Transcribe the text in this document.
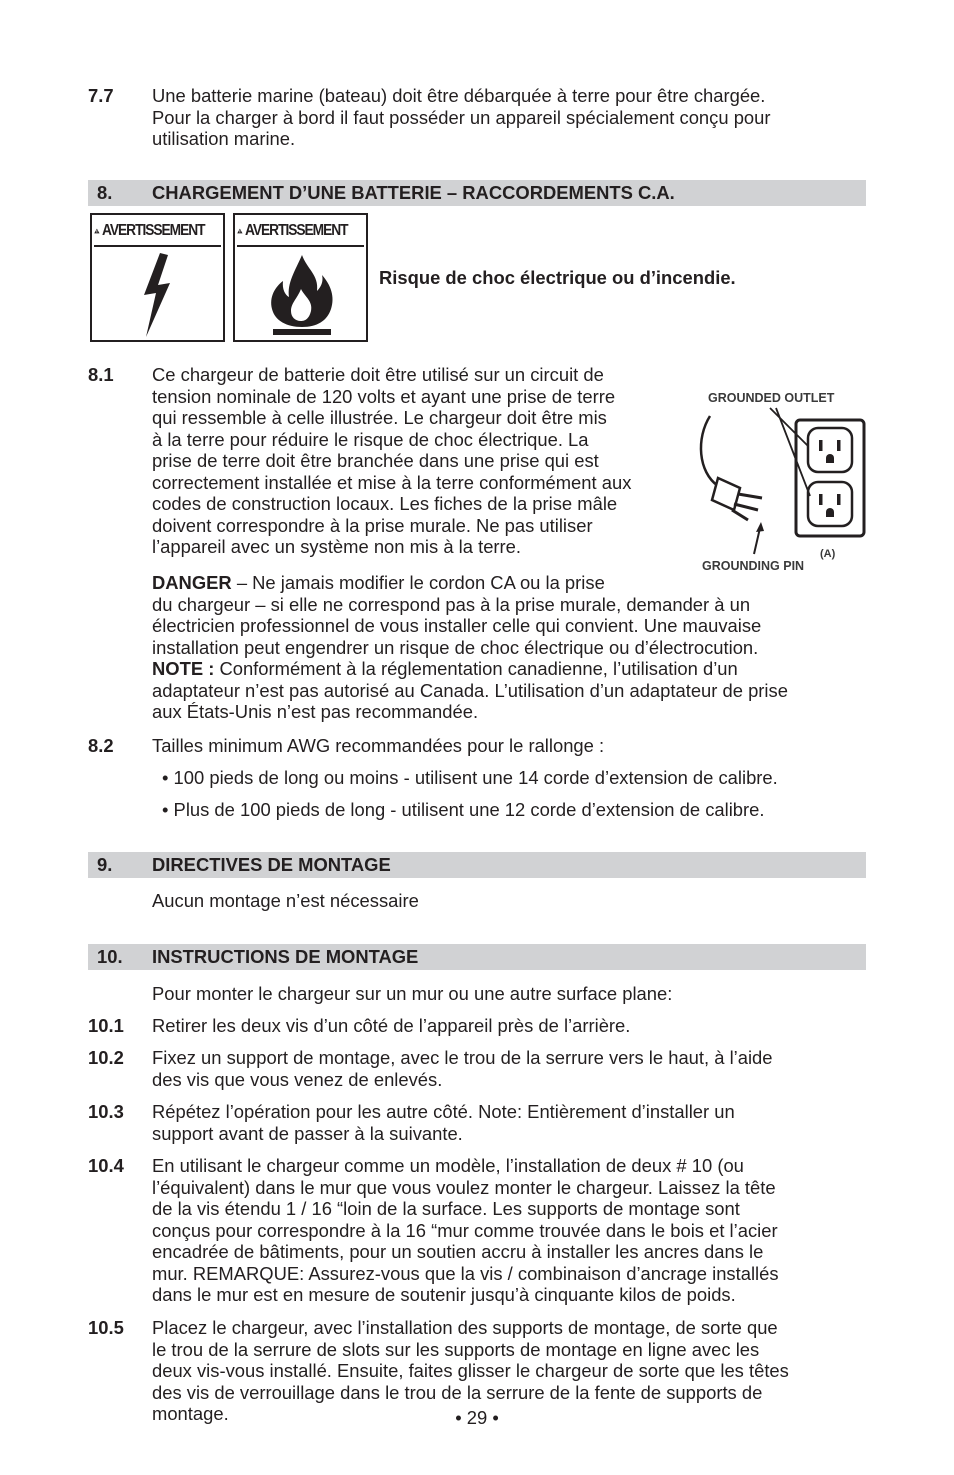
7.7 Une batterie marine (bateau) doit être débarquée à terre pour être chargée.
Pour la charger à bord il faut posséder un appareil spécialement conçu pour
utilisation marine.
8. CHARGEMENT D’UNE BATTERIE – RACCORDEMENTS C.A.
AVERTISSEMENT	AVERTISSEMENT
Risque de choc électrique ou d’incendie.
8.1 Ce chargeur de batterie doit être utilisé sur un circuit de
tension nominale de 120 volts et ayant une prise de terre
qui ressemble à celle illustrée. Le chargeur doit être mis
à la terre pour réduire le risque de choc électrique. La
prise de terre doit être branchée dans une prise qui est
correctement installée et mise à la terre conformément aux
codes de construction locaux. Les fiches de la prise mâle
doivent correspondre à la prise murale. Ne pas utiliser
l’appareil avec un système non mis à la terre.
GROUNDED OUTLET
GROUNDING PIN
(A)
DANGER – Ne jamais modifier le cordon CA ou la prise
du chargeur – si elle ne correspond pas à la prise murale, demander à un
électricien professionnel de vous installer celle qui convient. Une mauvaise
installation peut engendrer un risque de choc électrique ou d’électrocution.
NOTE : Conformément à la réglementation canadienne, l’utilisation d’un
adaptateur n’est pas autorisé au Canada. L’utilisation d’un adaptateur de prise
aux États-Unis n’est pas recommandée.
8.2 Tailles minimum AWG recommandées pour le rallonge :
• 100 pieds de long ou moins - utilisent une 14 corde d’extension de calibre.
• Plus de 100 pieds de long - utilisent une 12 corde d’extension de calibre.
9. DIRECTIVES DE MONTAGE
Aucun montage n’est nécessaire
10. INSTRUCTIONS DE MONTAGE
Pour monter le chargeur sur un mur ou une autre surface plane:
10.1 Retirer les deux vis d’un côté de l’appareil près de l’arrière.
10.2 Fixez un support de montage, avec le trou de la serrure vers le haut, à l’aide
des vis que vous venez de enlevés.
10.3 Répétez l’opération pour les autre côté. Note: Entièrement d’installer un
support avant de passer à la suivante.
10.4 En utilisant le chargeur comme un modèle, l’installation de deux # 10 (ou
l’équivalent) dans le mur que vous voulez monter le chargeur. Laissez la tête
de la vis étendu 1 / 16 “loin de la surface. Les supports de montage sont
conçus pour correspondre à la 16 “mur comme trouvée dans le bois et l’acier
encadrée de bâtiments, pour un soutien accru à installer les ancres dans le
mur. REMARQUE: Assurez-vous que la vis / combinaison d’ancrage installés
dans le mur est en mesure de soutenir jusqu’à cinquante kilos de poids.
10.5 Placez le chargeur, avec l’installation des supports de montage, de sorte que
le trou de la serrure de slots sur les supports de montage en ligne avec les
deux vis-vous installé. Ensuite, faites glisser le chargeur de sorte que les têtes
des vis de verrouillage dans le trou de la serrure de la fente de supports de
montage.	• 29 •
